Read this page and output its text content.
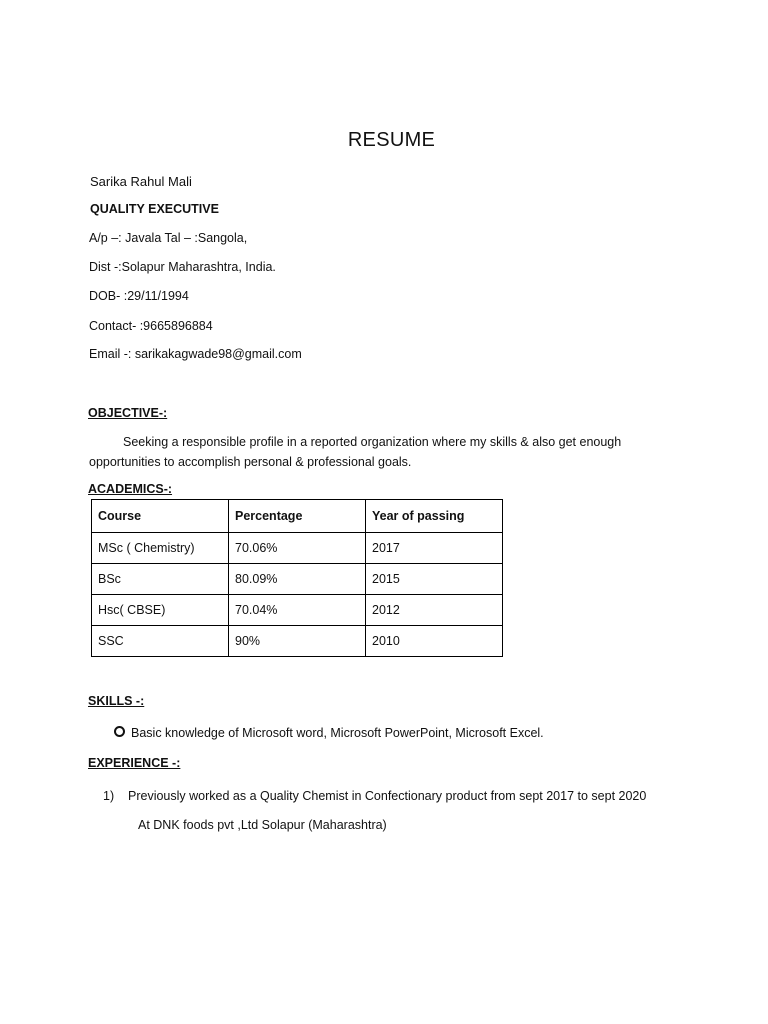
RESUME
Sarika Rahul Mali
QUALITY EXECUTIVE
A/p –: Javala Tal – :Sangola,
Dist -:Solapur Maharashtra, India.
DOB- :29/11/1994
Contact- :9665896884
Email -: sarikakagwade98@gmail.com
OBJECTIVE-:
Seeking a responsible profile in a reported organization where my skills & also get enough opportunities to accomplish personal & professional goals.
ACADEMICS-:
Course	Percentage	Year of passing
MSc ( Chemistry)	70.06%	2017
BSc	80.09%	2015
Hsc( CBSE)	70.04%	2012
SSC	90%	2010
SKILLS -:
Basic knowledge of Microsoft word, Microsoft PowerPoint, Microsoft Excel.
EXPERIENCE -:
1) Previously worked as a Quality Chemist in Confectionary product from sept 2017 to sept 2020
At DNK foods pvt ,Ltd Solapur (Maharashtra)
